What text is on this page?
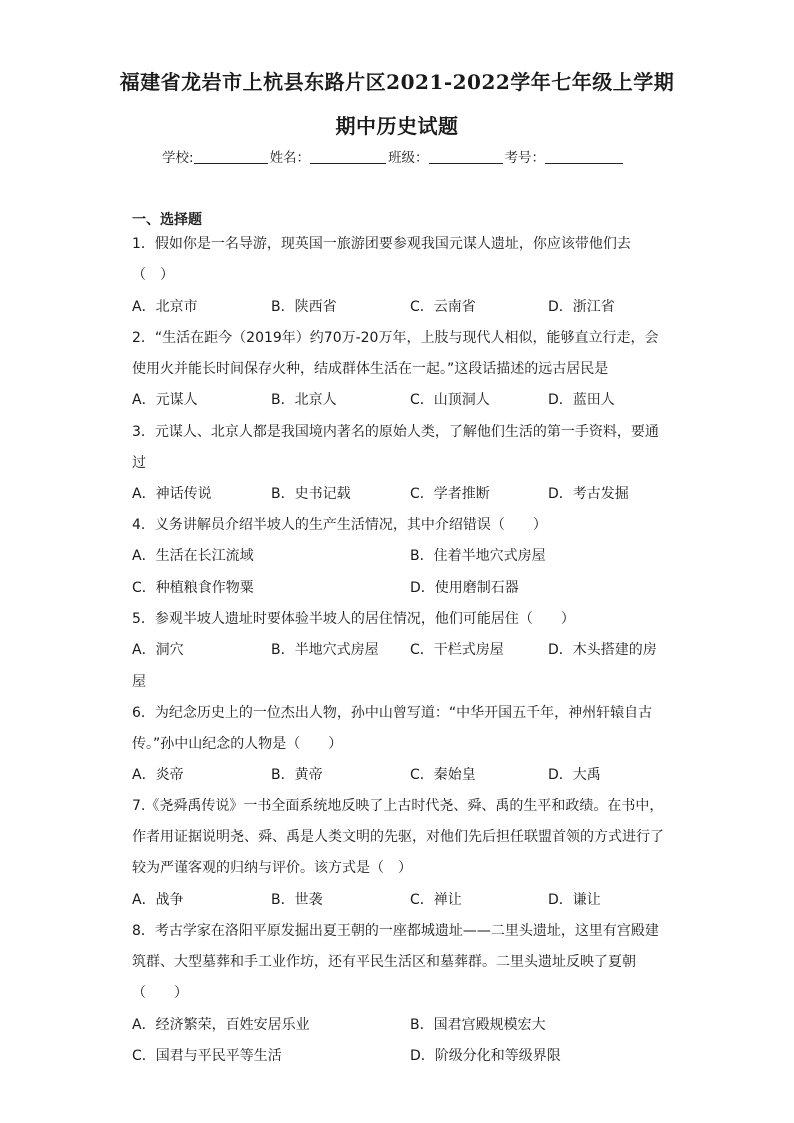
福建省龙岩市上杭县东路片区2021-2022学年七年级上学期
期中历史试题
学校:	姓名：	班级：	考号：
一、选择题
1．假如你是一名导游，现英国一旅游团要参观我国元谋人遗址，你应该带他们去
（　）
A．北京市	B．陕西省	C．云南省	D．浙江省
2．“生活在距今（2019年）约70万-20万年，上肢与现代人相似，能够直立行走，会
使用火并能长时间保存火种，结成群体生活在一起。”这段话描述的远古居民是
A．元谋人	B．北京人	C．山顶洞人	D．蓝田人
3．元谋人、北京人都是我国境内著名的原始人类，了解他们生活的第一手资料，要通
过
A．神话传说	B．史书记载	C．学者推断	D．考古发掘
4．义务讲解员介绍半坡人的生产生活情况，其中介绍错误（　　）
A．生活在长江流域	B．住着半地穴式房屋
C．种植粮食作物粟	D．使用磨制石器
5．参观半坡人遗址时要体验半坡人的居住情况，他们可能居住（　　）
A．洞穴	B．半地穴式房屋 C．干栏式房屋	D．木头搭建的房
屋
6．为纪念历史上的一位杰出人物，孙中山曾写道：“中华开国五千年，神州轩辕自古
传。”孙中山纪念的人物是（　　）
A．炎帝	B．黄帝	C．秦始皇	D．大禹
7.《尧舜禹传说》一书全面系统地反映了上古时代尧、舜、禹的生平和政绩。在书中，
作者用证据说明尧、舜、禹是人类文明的先驱，对他们先后担任联盟首领的方式进行了
较为严谨客观的归纳与评价。该方式是（　）
A．战争	B．世袭	C．禅让	D．谦让
8．考古学家在洛阳平原发掘出夏王朝的一座都城遗址——二里头遗址，这里有宫殿建
筑群、大型墓葬和手工业作坊，还有平民生活区和墓葬群。二里头遗址反映了夏朝
（　　）
A．经济繁荣，百姓安居乐业	B．国君宫殿规模宏大
C．国君与平民平等生活	D．阶级分化和等级界限
